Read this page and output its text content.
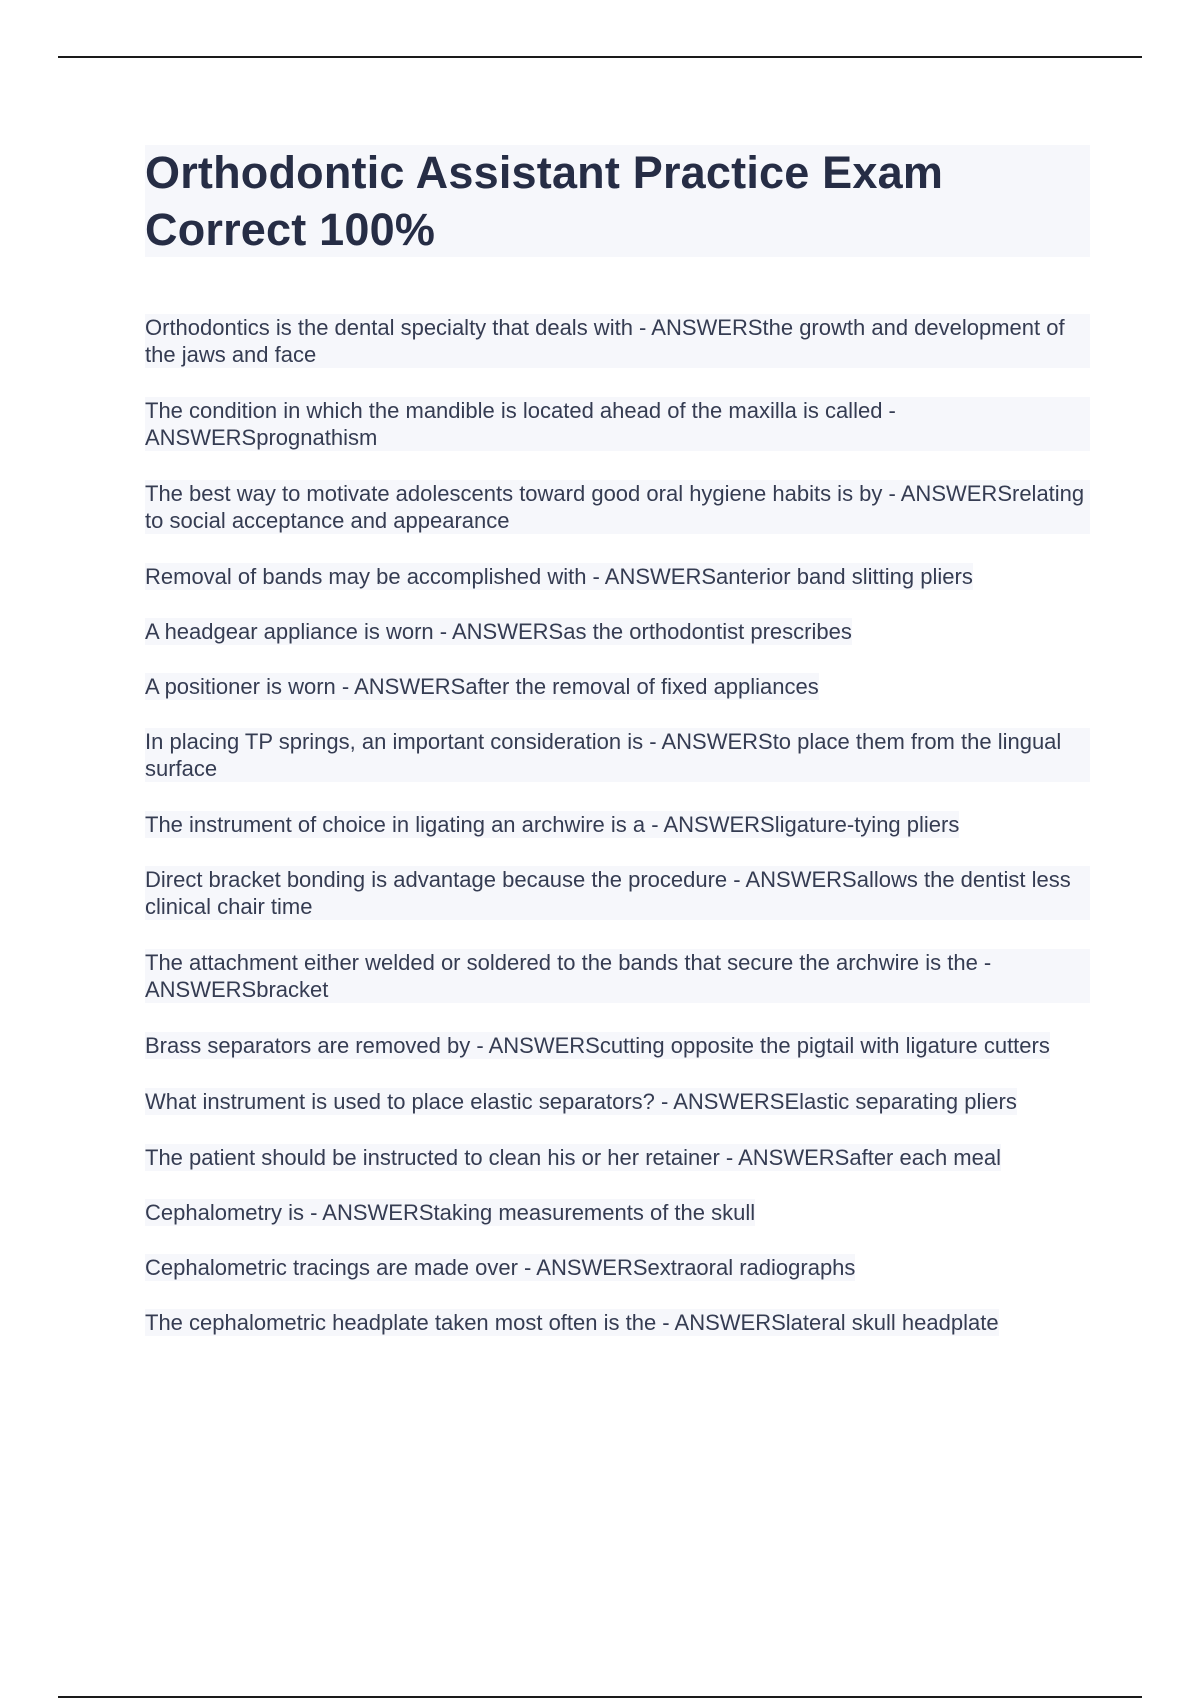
Orthodontic Assistant Practice Exam Correct 100%

Orthodontics is the dental specialty that deals with - ANSWERSthe growth and development of the jaws and face

The condition in which the mandible is located ahead of the maxilla is called - ANSWERSprognathism

The best way to motivate adolescents toward good oral hygiene habits is by - ANSWERSrelating to social acceptance and appearance

Removal of bands may be accomplished with - ANSWERSanterior band slitting pliers

A headgear appliance is worn - ANSWERSas the orthodontist prescribes

A positioner is worn - ANSWERSafter the removal of fixed appliances

In placing TP springs, an important consideration is - ANSWERSto place them from the lingual surface

The instrument of choice in ligating an archwire is a - ANSWERSligature-tying pliers

Direct bracket bonding is advantage because the procedure - ANSWERSallows the dentist less clinical chair time

The attachment either welded or soldered to the bands that secure the archwire is the - ANSWERSbracket

Brass separators are removed by - ANSWERScutting opposite the pigtail with ligature cutters

What instrument is used to place elastic separators? - ANSWERSElastic separating pliers

The patient should be instructed to clean his or her retainer - ANSWERSafter each meal

Cephalometry is - ANSWERStaking measurements of the skull

Cephalometric tracings are made over - ANSWERSextraoral radiographs

The cephalometric headplate taken most often is the - ANSWERSlateral skull headplate
